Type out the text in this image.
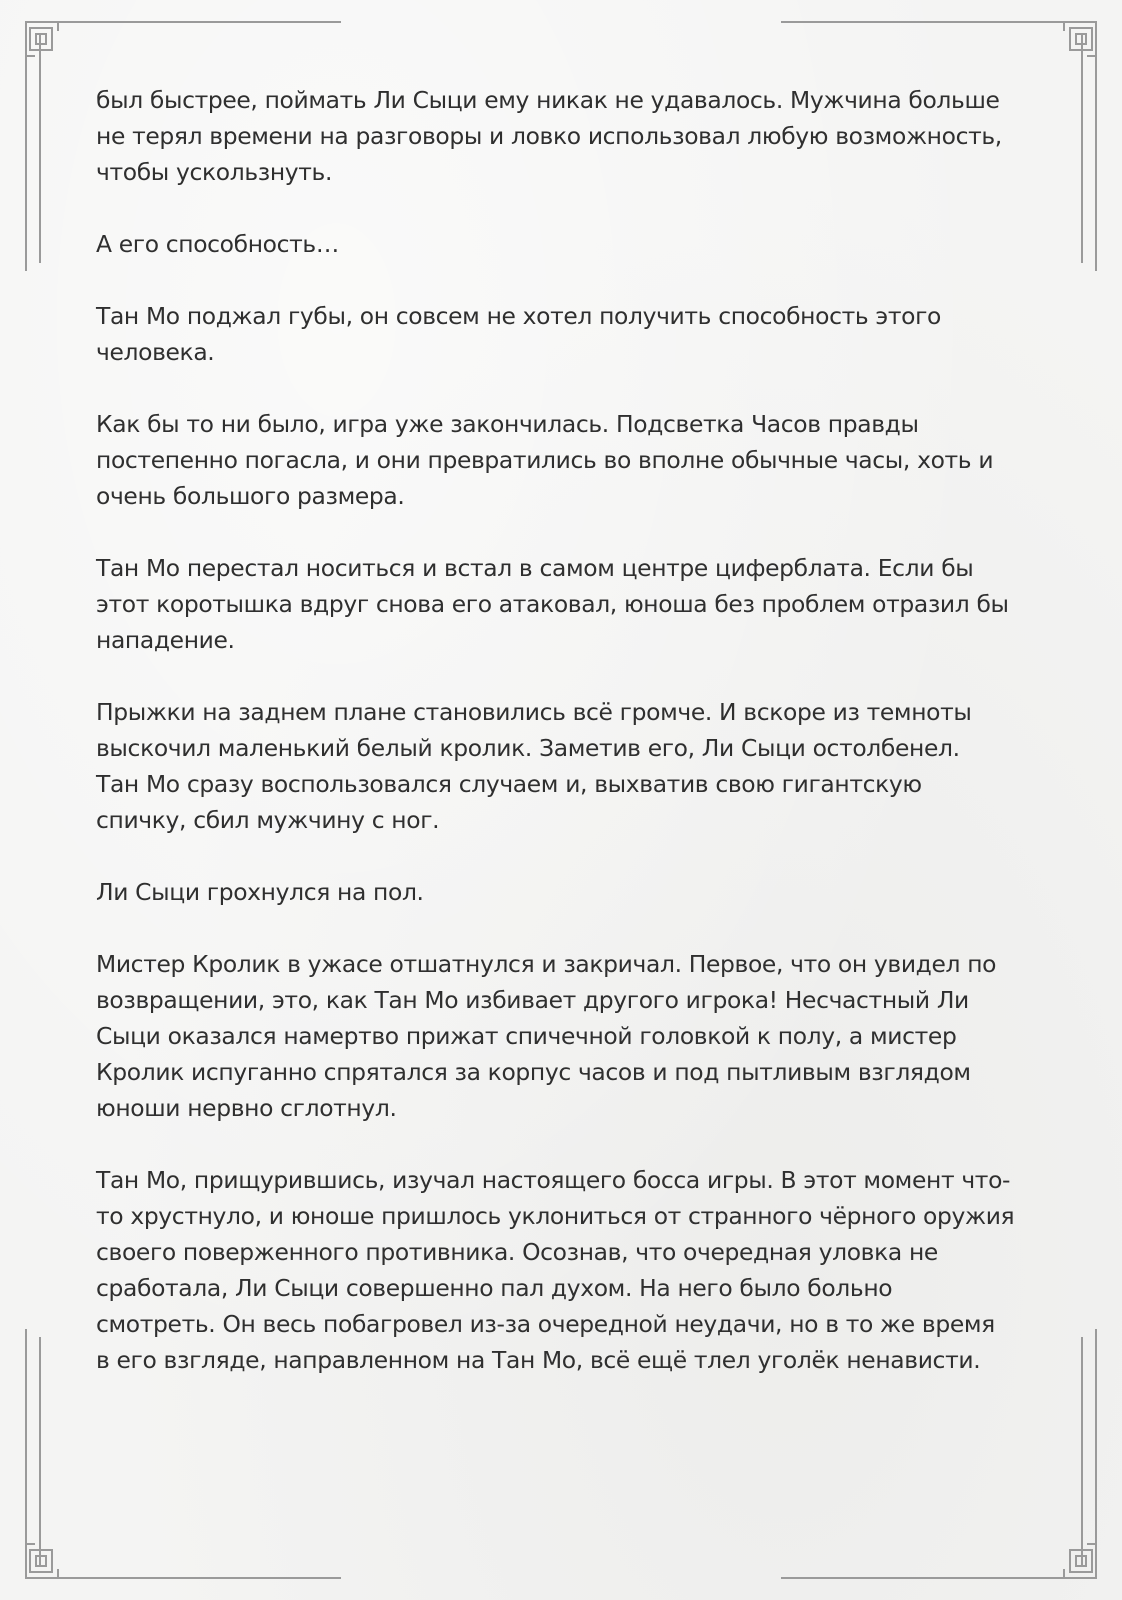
был быстрее, поймать Ли Сыци ему никак не удавалось. Мужчина больше
не терял времени на разговоры и ловко использовал любую возможность,
чтобы ускользнуть.

А его способность…

Тан Мо поджал губы, он совсем не хотел получить способность этого
человека.

Как бы то ни было, игра уже закончилась. Подсветка Часов правды
постепенно погасла, и они превратились во вполне обычные часы, хоть и
очень большого размера.

Тан Мо перестал носиться и встал в самом центре циферблата. Если бы
этот коротышка вдруг снова его атаковал, юноша без проблем отразил бы
нападение.

Прыжки на заднем плане становились всё громче. И вскоре из темноты
выскочил маленький белый кролик. Заметив его, Ли Сыци остолбенел.
Тан Мо сразу воспользовался случаем и, выхватив свою гигантскую
спичку, сбил мужчину с ног.

Ли Сыци грохнулся на пол.

Мистер Кролик в ужасе отшатнулся и закричал. Первое, что он увидел по
возвращении, это, как Тан Мо избивает другого игрока! Несчастный Ли
Сыци оказался намертво прижат спичечной головкой к полу, а мистер
Кролик испуганно спрятался за корпус часов и под пытливым взглядом
юноши нервно сглотнул.

Тан Мо, прищурившись, изучал настоящего босса игры. В этот момент что-
то хрустнуло, и юноше пришлось уклониться от странного чёрного оружия
своего поверженного противника. Осознав, что очередная уловка не
сработала, Ли Сыци совершенно пал духом. На него было больно
смотреть. Он весь побагровел из-за очередной неудачи, но в то же время
в его взгляде, направленном на Тан Мо, всё ещё тлел уголёк ненависти.
